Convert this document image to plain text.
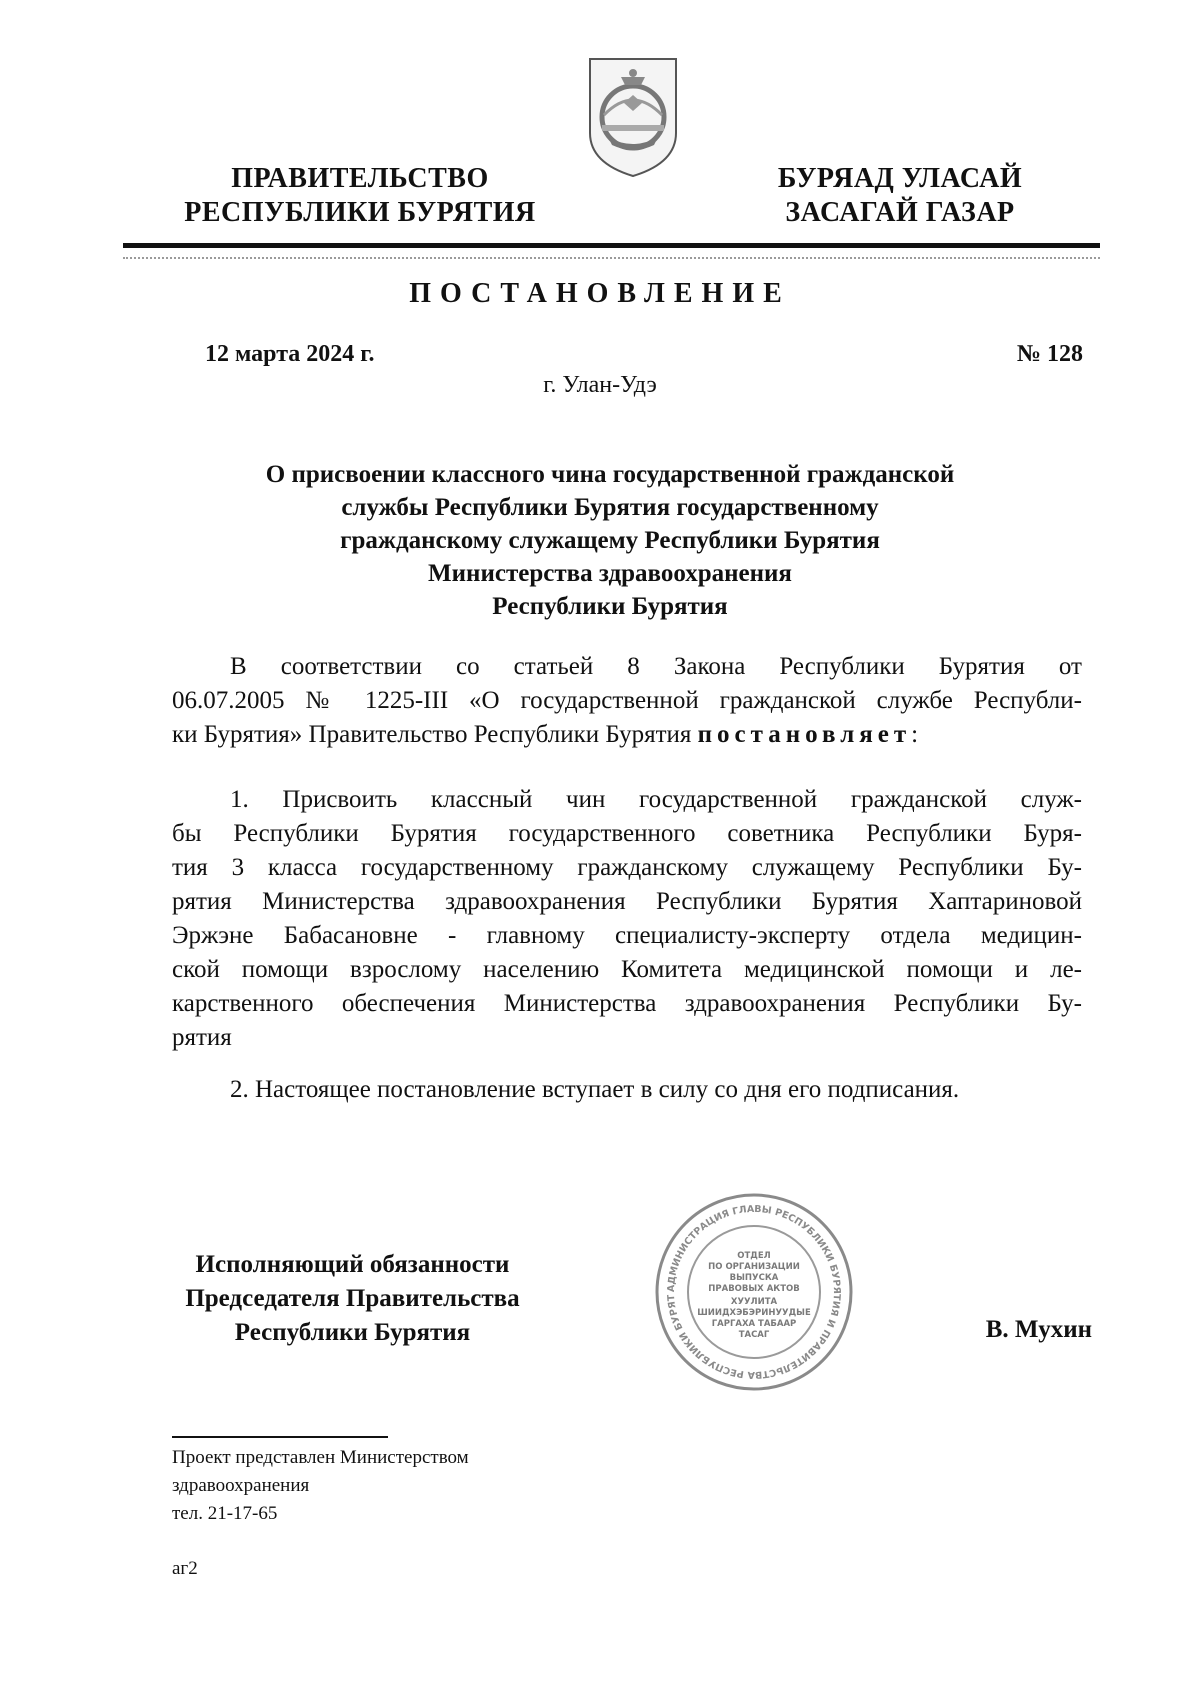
ПРАВИТЕЛЬСТВО
РЕСПУБЛИКИ БУРЯТИЯ
БУРЯАД УЛАСАЙ
ЗАСАГАЙ ГАЗАР
ПОСТАНОВЛЕНИЕ
12 марта 2024 г.	№ 128
г. Улан-Удэ
О присвоении классного чина государственной гражданской
службы Республики Бурятия государственному
гражданскому служащему Республики Бурятия
Министерства здравоохранения
Республики Бурятия
В соответствии со статьей 8 Закона Республики Бурятия от
06.07.2005 № 1225-III «О государственной гражданской службе Республи-
ки Бурятия» Правительство Республики Бурятия постановляет:
1. Присвоить классный чин государственной гражданской служ-
бы Республики Бурятия государственного советника Республики Буря-
тия 3 класса государственному гражданскому служащему Республики Бу-
рятия Министерства здравоохранения Республики Бурятия Хаптариновой
Эржэне Бабасановне - главному специалисту-эксперту отдела медицин-
ской помощи взрослому населению Комитета медицинской помощи и ле-
карственного обеспечения Министерства здравоохранения Республики Бу-
рятия
2. Настоящее постановление вступает в силу со дня его подписания.
Исполняющий обязанности
Председателя Правительства
Республики Бурятия
АДМИНИСТРАЦИЯ ГЛАВЫ РЕСПУБЛИКИ БУРЯТИЯ И ПРАВИТЕЛЬСТВА РЕСПУБЛИКИ БУРЯТ
ОТДЕЛ
ПО ОРГАНИЗАЦИИ
ВЫПУСКА
ПРАВОВЫХ АКТОВ
ХУУЛИТА
ШИИДХЭБЭРИНУУДЫЕ
ГАРГАХА ТАБААР
ТАСАГ	В. Мухин
Проект представлен Министерством
здравоохранения
тел. 21-17-65
аг2
